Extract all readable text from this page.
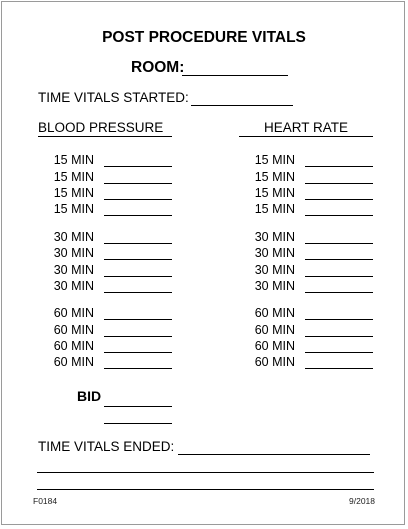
POST PROCEDURE VITALS
ROOM:
TIME VITALS STARTED:
BLOOD PRESSURE	HEART RATE
BID
TIME VITALS ENDED:
F0184	9/2018
15 MIN
15 MIN
15 MIN
15 MIN
30 MIN
30 MIN
30 MIN
30 MIN
60 MIN
60 MIN
60 MIN
60 MIN
15 MIN
15 MIN
15 MIN
15 MIN
30 MIN
30 MIN
30 MIN
30 MIN
60 MIN
60 MIN
60 MIN
60 MIN
